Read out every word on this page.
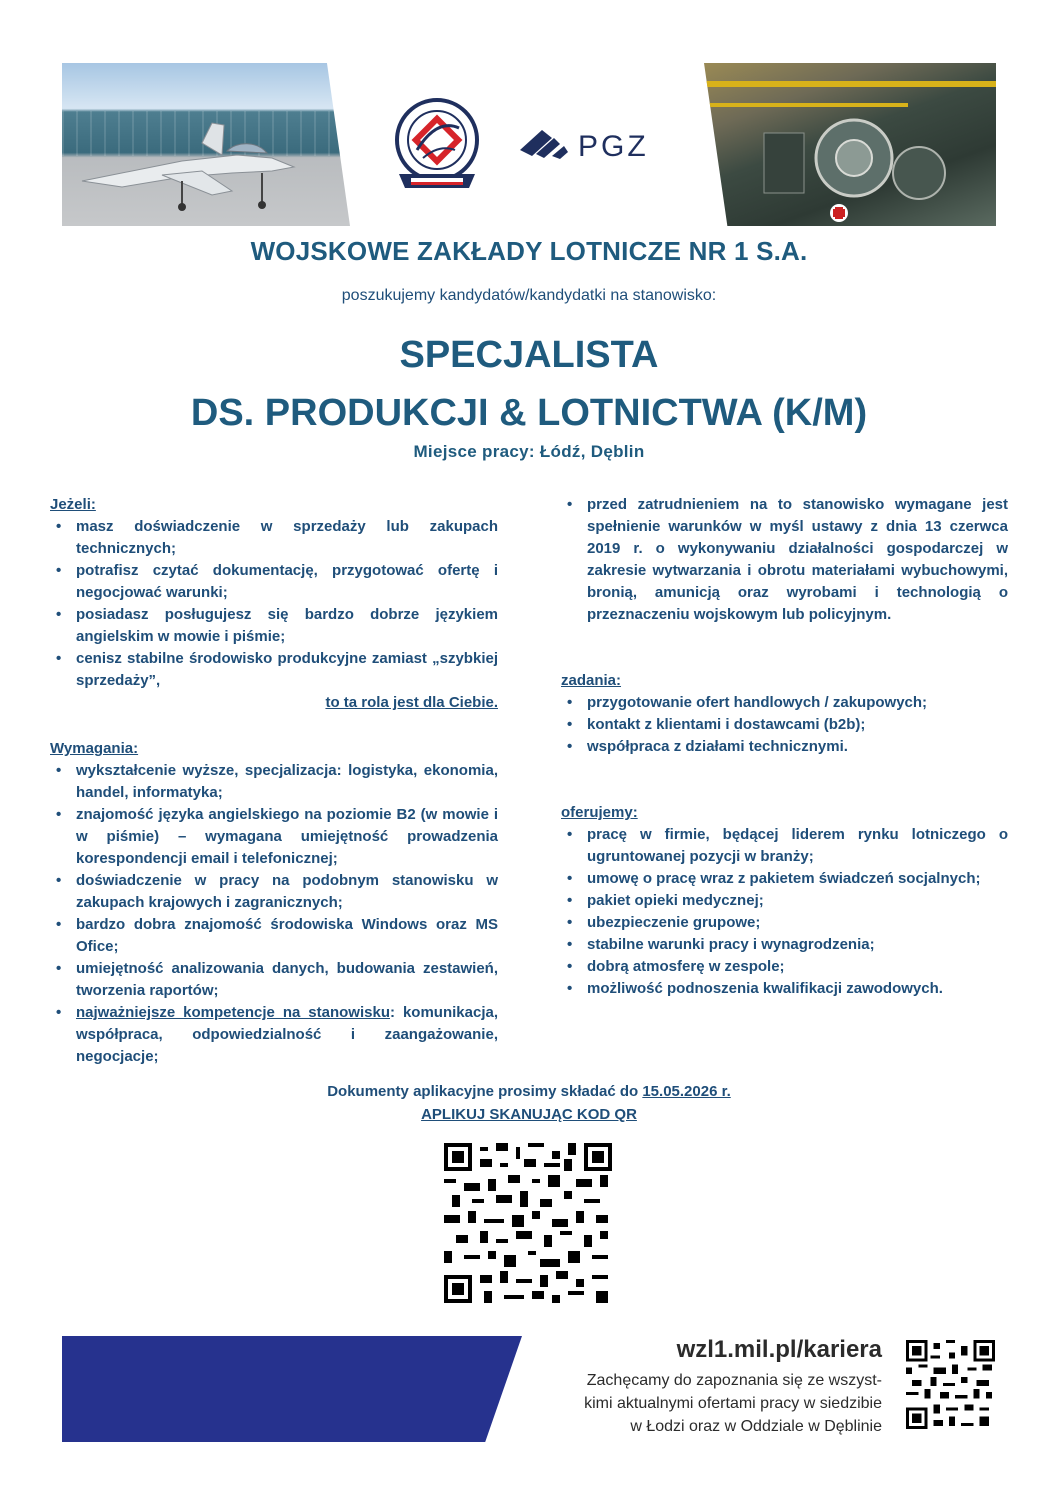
PGZ
WOJSKOWE ZAKŁADY LOTNICZE NR 1 S.A.
poszukujemy kandydatów/kandydatki na stanowisko:
SPECJALISTA
DS. PRODUKCJI & LOTNICTWA (K/M)
Miejsce pracy: Łódź, Dęblin
Jeżeli:
• masz doświadczenie w sprzedaży lub zakupach technicznych;
• potrafisz czytać dokumentację, przygotować ofertę i negocjować warunki;
• posiadasz posługujesz się bardzo dobrze językiem angielskim w mowie i piśmie;
• cenisz stabilne środowisko produkcyjne zamiast „szybkiej sprzedaży”,
to ta rola jest dla Ciebie.
Wymagania:
• wykształcenie wyższe, specjalizacja: logistyka, ekonomia, handel, informatyka;
• znajomość języka angielskiego na poziomie B2 (w mowie i w piśmie) – wymagana umiejętność prowadzenia korespondencji email i telefonicznej;
• doświadczenie w pracy na podobnym stanowisku w zakupach krajowych i zagranicznych;
• bardzo dobra znajomość środowiska Windows oraz MS Ofice;
• umiejętność analizowania danych, budowania zestawień, tworzenia raportów;
• najważniejsze kompetencje na stanowisku: komunikacja, współpraca, odpowiedzialność i zaangażowanie, negocjacje;
• przed zatrudnieniem na to stanowisko wymagane jest spełnienie warunków w myśl ustawy z dnia 13 czerwca 2019 r. o wykonywaniu działalności gospodarczej w zakresie wytwarzania i obrotu materiałami wybuchowymi, bronią, amunicją oraz wyrobami i technologią o przeznaczeniu wojskowym lub policyjnym.
zadania:
• przygotowanie ofert handlowych / zakupowych;
• kontakt z klientami i dostawcami (b2b);
• współpraca z działami technicznymi.
oferujemy:
• pracę w firmie, będącej liderem rynku lotniczego o ugruntowanej pozycji w branży;
• umowę o pracę wraz z pakietem świadczeń socjalnych;
• pakiet opieki medycznej;
• ubezpieczenie grupowe;
• stabilne warunki pracy i wynagrodzenia;
• dobrą atmosferę w zespole;
• możliwość podnoszenia kwalifikacji zawodowych.
Dokumenty aplikacyjne prosimy składać do 15.05.2026 r.
APLIKUJ SKANUJĄC KOD QR
wzl1.mil.pl/kariera
Zachęcamy do zapoznania się ze wszyst-
kimi aktualnymi ofertami pracy w siedzibie
w Łodzi oraz w Oddziale w Dęblinie
